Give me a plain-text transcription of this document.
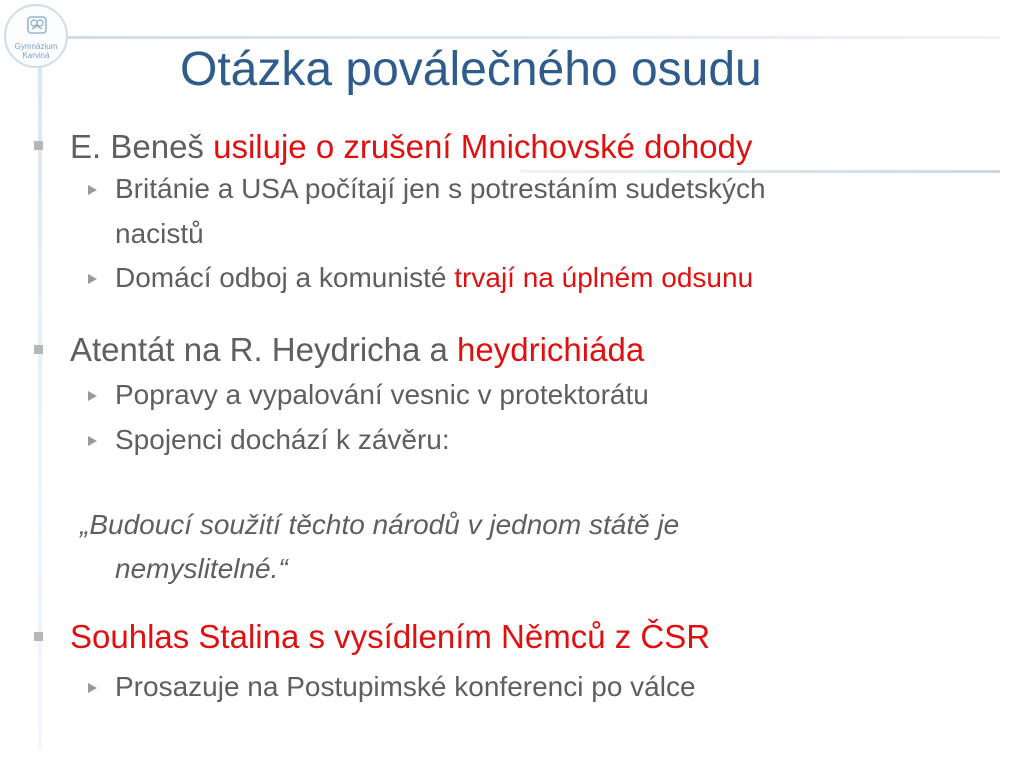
Gymnázium
Karviná	Otázka poválečného osudu
E. Beneš usiluje o zrušení Mnichovské dohody
Británie a USA počítají jen s potrestáním sudetských
nacistů
Domácí odboj a komunisté trvají na úplném odsunu
Atentát na R. Heydricha a heydrichiáda
Popravy a vypalování vesnic v protektorátu
Spojenci dochází k závěru:
„Budoucí soužití těchto národů v jednom státě je
nemyslitelné.“
Souhlas Stalina s vysídlením Němců z ČSR
Prosazuje na Postupimské konferenci po válce
